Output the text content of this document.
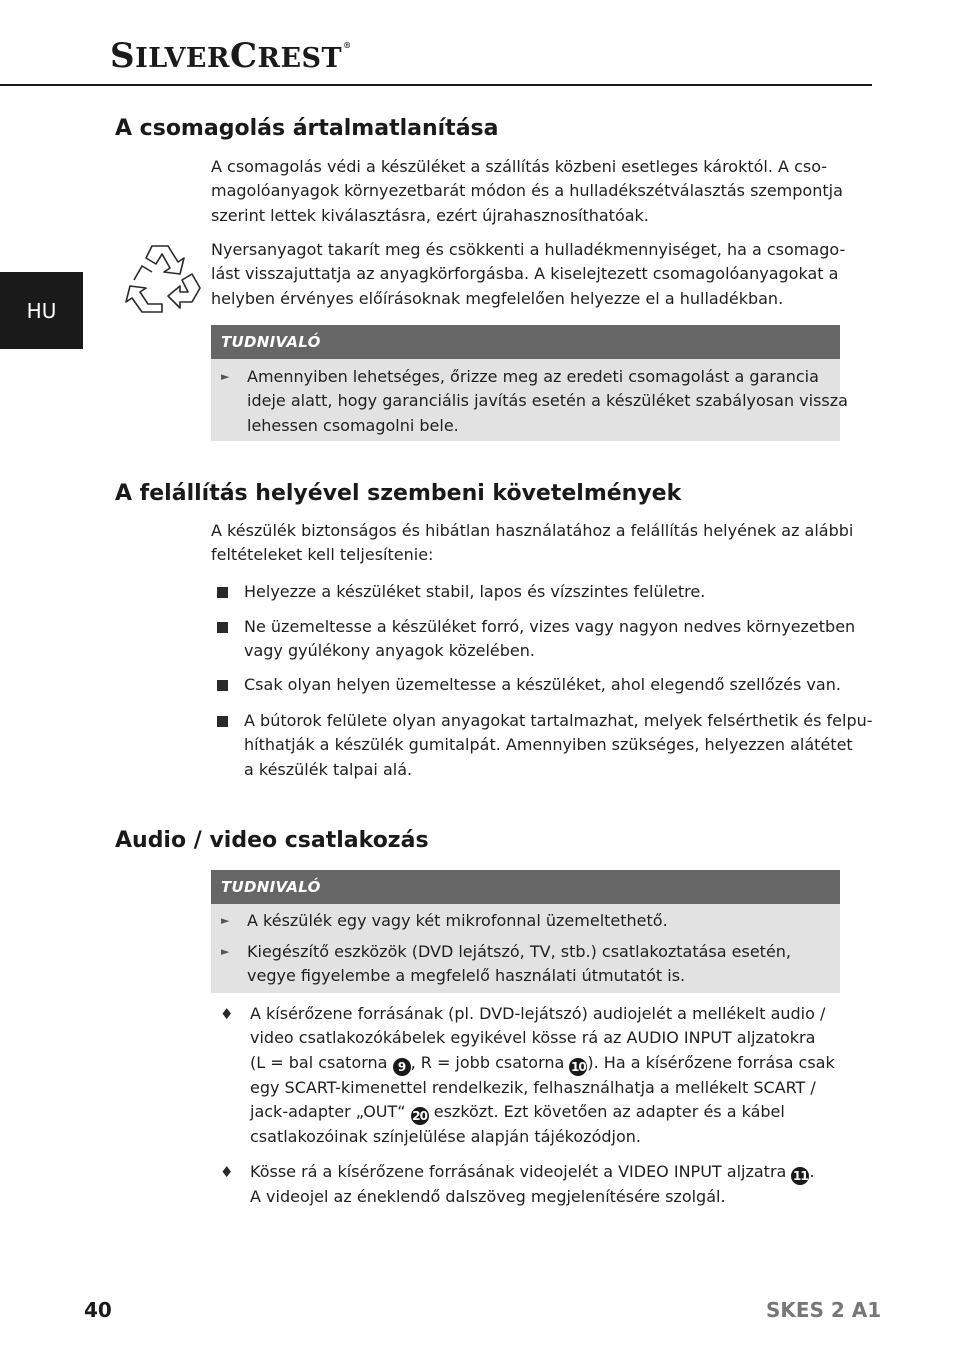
SILVERCREST®
HU
A csomagolás ártalmatlanítása

A csomagolás védi a készüléket a szállítás közbeni esetleges károktól. A cso-
magolóanyagok környezetbarát módon és a hulladékszétválasztás szempontja
szerint lettek kiválasztásra, ezért újrahasznosíthatóak.

Nyersanyagot takarít meg és csökkenti a hulladékmennyiséget, ha a csomago-
lást visszajuttatja az anyagkörforgásba. A kiselejtezett csomagolóanyagokat a
helyben érvényes előírásoknak megfelelően helyezze el a hulladékban.

TUDNIVALÓ
► Amennyiben lehetséges, őrizze meg az eredeti csomagolást a garancia
ideje alatt, hogy garanciális javítás esetén a készüléket szabályosan vissza
lehessen csomagolni bele.
A felállítás helyével szembeni követelmények

A készülék biztonságos és hibátlan használatához a felállítás helyének az alábbi
feltételeket kell teljesítenie:

Helyezze a készüléket stabil, lapos és vízszintes felületre.
Ne üzemeltesse a készüléket forró, vizes vagy nagyon nedves környezetben
vagy gyúlékony anyagok közelében.
Csak olyan helyen üzemeltesse a készüléket, ahol elegendő szellőzés van.
A bútorok felülete olyan anyagokat tartalmazhat, melyek felsérthetik és felpu-
híthatják a készülék gumitalpát. Amennyiben szükséges, helyezzen alátétet
a készülék talpai alá.
Audio / video csatlakozás
TUDNIVALÓ
► A készülék egy vagy két mikrofonnal üzemeltethető.
► Kiegészítő eszközök (DVD lejátszó, TV, stb.) csatlakoztatása esetén,
vegye figyelembe a megfelelő használati útmutatót is.
♦ A kísérőzene forrásának (pl. DVD-lejátszó) audiojelét a mellékelt audio /
video csatlakozókábelek egyikével kösse rá az AUDIO INPUT aljzatokra
(L = bal csatorna 9 , R = jobb csatorna 10 ). Ha a kísérőzene forrása csak
egy SCART-kimenettel rendelkezik, felhasználhatja a mellékelt SCART /
jack-adapter „OUT“ 20 eszközt. Ezt követően az adapter és a kábel
csatlakozóinak színjelülése alapján tájékozódjon.
♦ Kösse rá a kísérőzene forrásának videojelét a VIDEO INPUT aljzatra 11 .
A videojel az éneklendő dalszöveg megjelenítésére szolgál.
40	SKES 2 A1
